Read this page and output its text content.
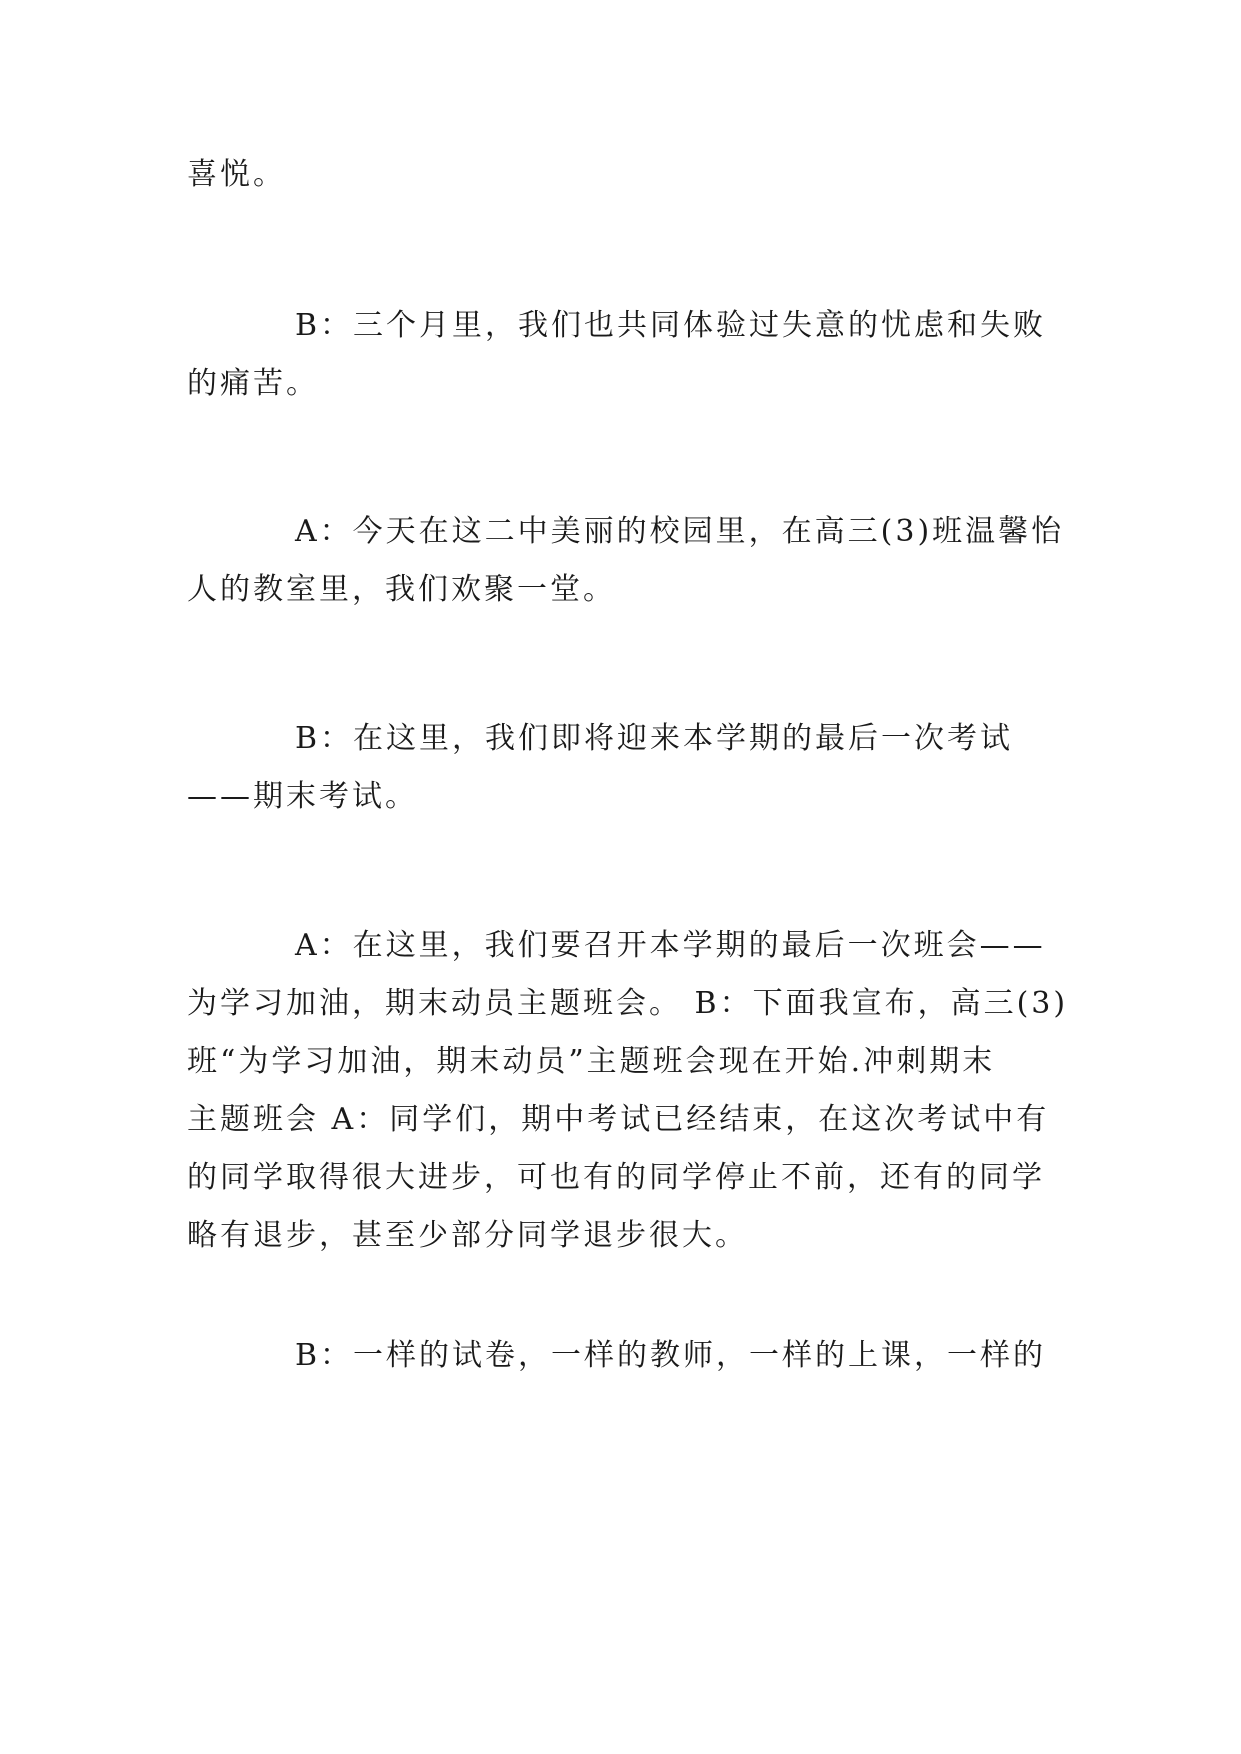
喜悦。

B：三个月里，我们也共同体验过失意的忧虑和失败
的痛苦。

A：今天在这二中美丽的校园里，在高三(3)班温馨怡
人的教室里，我们欢聚一堂。

B：在这里，我们即将迎来本学期的最后一次考试
——期末考试。

A：在这里，我们要召开本学期的最后一次班会——
为学习加油，期末动员主题班会。 B：下面我宣布，高三(3)
班“为学习加油，期末动员”主题班会现在开始.冲刺期末
主题班会 A：同学们，期中考试已经结束，在这次考试中有
的同学取得很大进步，可也有的同学停止不前，还有的同学
略有退步，甚至少部分同学退步很大。

B：一样的试卷，一样的教师，一样的上课，一样的
